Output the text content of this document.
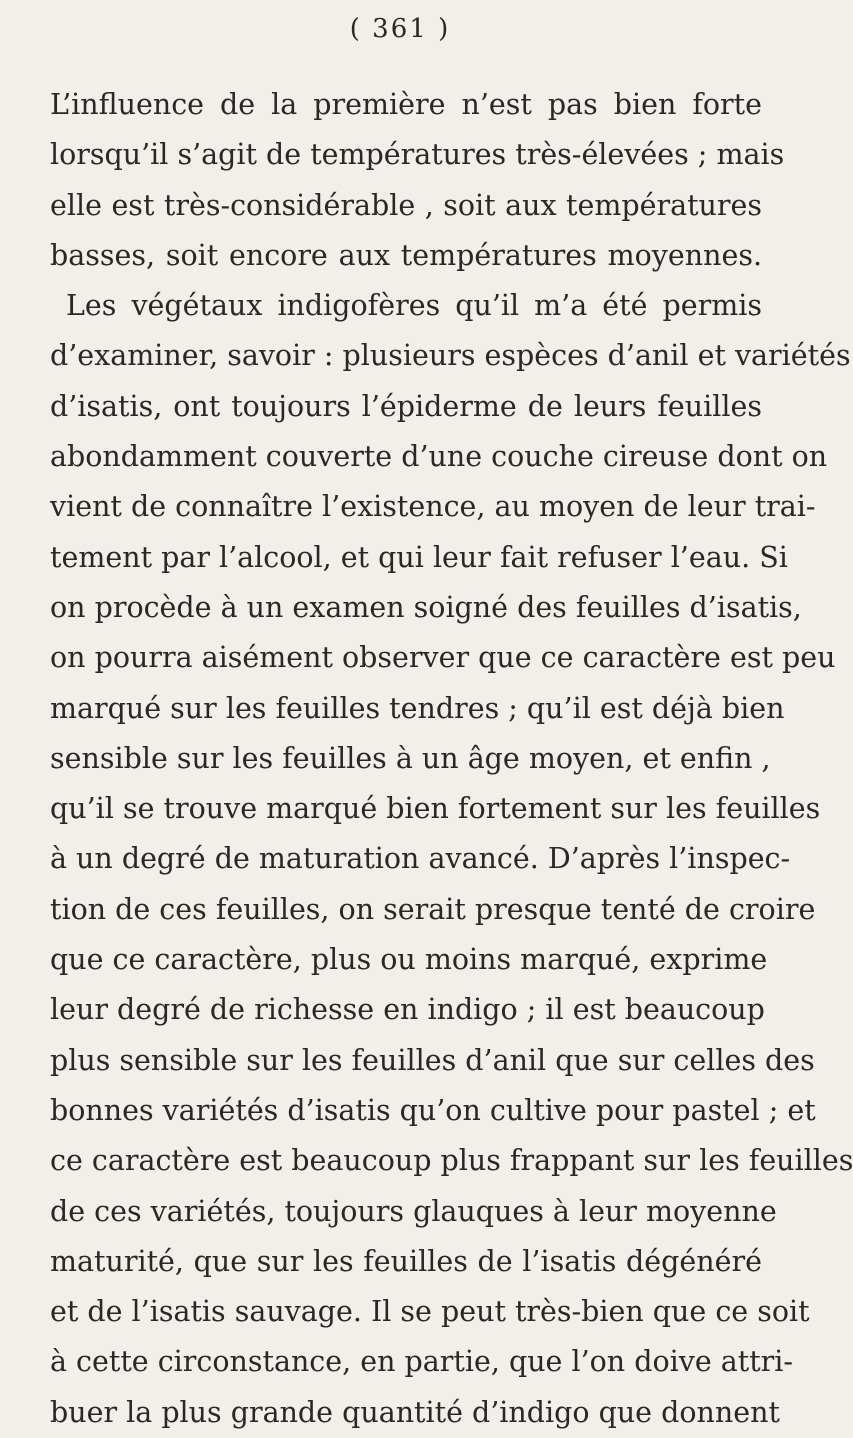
( 361 )
L’influence de la première n’est pas bien forte
lorsqu’il s’agit de températures très-élevées ; mais
elle est très-considérable , soit aux températures
basses, soit encore aux températures moyennes.
Les végétaux indigofères qu’il m’a été permis
d’examiner, savoir : plusieurs espèces d’anil et variétés
d’isatis, ont toujours l’épiderme de leurs feuilles
abondamment couverte d’une couche cireuse dont on
vient de connaître l’existence, au moyen de leur trai-
tement par l’alcool, et qui leur fait refuser l’eau. Si
on procède à un examen soigné des feuilles d’isatis,
on pourra aisément observer que ce caractère est peu
marqué sur les feuilles tendres ; qu’il est déjà bien
sensible sur les feuilles à un âge moyen, et enfin ,
qu’il se trouve marqué bien fortement sur les feuilles
à un degré de maturation avancé. D’après l’inspec-
tion de ces feuilles, on serait presque tenté de croire
que ce caractère, plus ou moins marqué, exprime
leur degré de richesse en indigo ; il est beaucoup
plus sensible sur les feuilles d’anil que sur celles des
bonnes variétés d’isatis qu’on cultive pour pastel ; et
ce caractère est beaucoup plus frappant sur les feuilles
de ces variétés, toujours glauques à leur moyenne
maturité, que sur les feuilles de l’isatis dégénéré
et de l’isatis sauvage. Il se peut très-bien que ce soit
à cette circonstance, en partie, que l’on doive attri-
buer la plus grande quantité d’indigo que donnent
